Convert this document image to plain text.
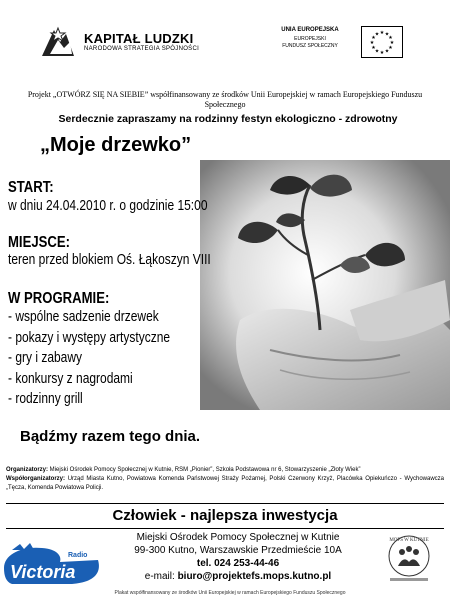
KAPITAŁ LUDZKI
NARODOWA STRATEGIA SPÓJNOŚCI
UNIA EUROPEJSKA
EUROPEJSKI
FUNDUSZ SPOŁECZNY
★ ★
★
★
★
★
★
★
★
★
★
★
Projekt „OTWÓRZ SIĘ NA SIEBIE” współfinansowany ze środków Unii Europejskiej w ramach Europejskiego Funduszu Społecznego
Serdecznie zapraszamy na rodzinny festyn ekologiczno - zdrowotny
„Moje drzewko”
START:
w dniu 24.04.2010 r. o godzinie 15:00
MIEJSCE:
teren przed blokiem Oś. Łąkoszyn VIII
W PROGRAMIE:
- wspólne sadzenie drzewek
- pokazy i występy artystyczne
- gry i zabawy
- konkursy z nagrodami
- rodzinny grill
Bądźmy razem tego dnia.
Organizatorzy: Miejski Ośrodek Pomocy Społecznej w Kutnie, RSM „Pionier”, Szkoła Podstawowa nr 6, Stowarzyszenie „Złoty Wiek”
Współorganizatorzy: Urząd Miasta Kutno, Powiatowa Komenda Państwowej Straży Pożarnej, Polski Czerwony Krzyż, Placówka Opiekuńczo - Wychowawcza „Tęcza, Komenda Powiatowa Policji.
Człowiek - najlepsza inwestycja
Miejski Ośrodek Pomocy Społecznej w Kutnie
99-300 Kutno, Warszawskie Przedmieście 10A
tel. 024 253-44-46
e-mail: biuro@projektefs.mops.kutno.pl
Radio
Victoria
MOPS W KUTNIE
Plakat współfinansowany ze środków Unii Europejskiej w ramach Europejskiego Funduszu Społecznego
